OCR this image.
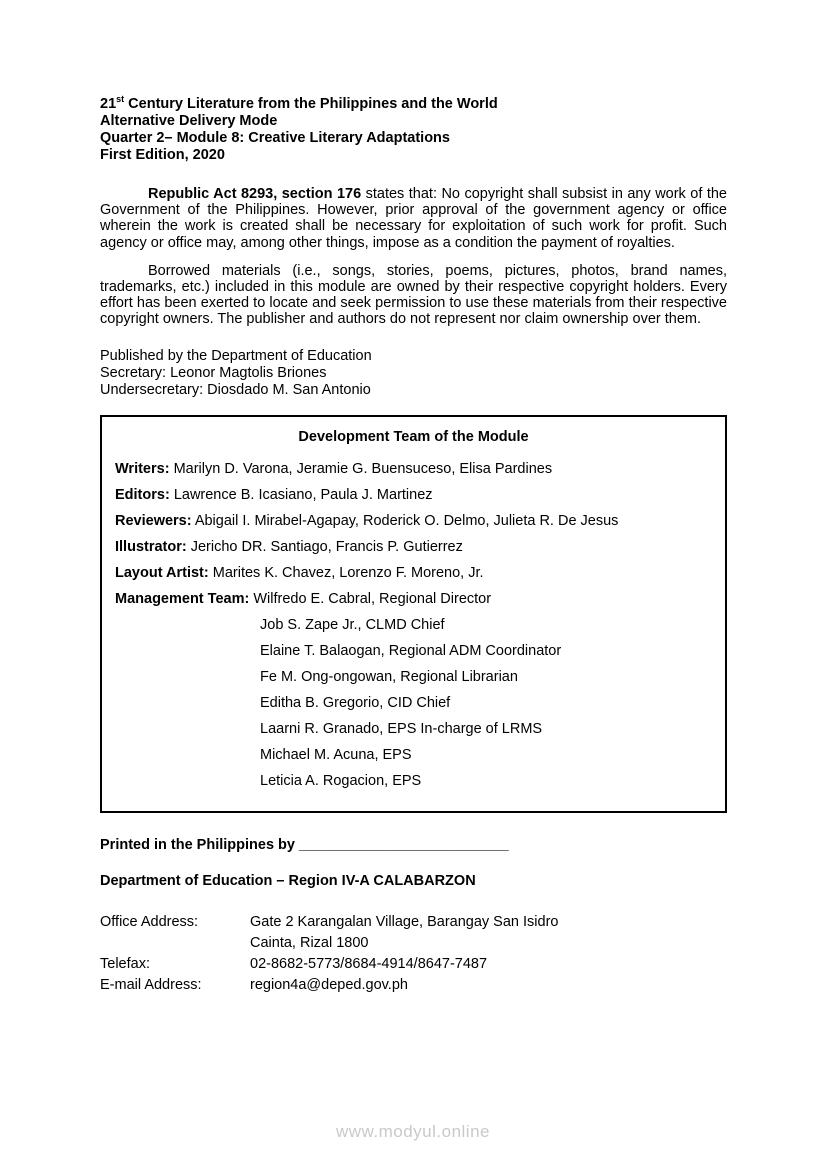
21st Century Literature from the Philippines and the World
Alternative Delivery Mode
Quarter 2– Module 8: Creative Literary Adaptations
First Edition, 2020

Republic Act 8293, section 176 states that: No copyright shall subsist in any work of the Government of the Philippines. However, prior approval of the government agency or office wherein the work is created shall be necessary for exploitation of such work for profit. Such agency or office may, among other things, impose as a condition the payment of royalties.

Borrowed materials (i.e., songs, stories, poems, pictures, photos, brand names, trademarks, etc.) included in this module are owned by their respective copyright holders. Every effort has been exerted to locate and seek permission to use these materials from their respective copyright owners. The publisher and authors do not represent nor claim ownership over them.

Published by the Department of Education
Secretary: Leonor Magtolis Briones
Undersecretary: Diosdado M. San Antonio
Development Team of the Module
Writers: Marilyn D. Varona, Jeramie G. Buensuceso, Elisa Pardines
Editors: Lawrence B. Icasiano, Paula J. Martinez
Reviewers: Abigail I. Mirabel-Agapay, Roderick O. Delmo, Julieta R. De Jesus
Illustrator: Jericho DR. Santiago, Francis P. Gutierrez
Layout Artist: Marites K. Chavez, Lorenzo F. Moreno, Jr.
Management Team: Wilfredo E. Cabral, Regional Director
Job S. Zape Jr., CLMD Chief
Elaine T. Balaogan, Regional ADM Coordinator
Fe M. Ong-ongowan, Regional Librarian
Editha B. Gregorio, CID Chief
Laarni R. Granado, EPS In-charge of LRMS
Michael M. Acuna, EPS
Leticia A. Rogacion, EPS
Printed in the Philippines by __________________________
Department of Education – Region IV-A CALABARZON
Office Address:	Gate 2 Karangalan Village, Barangay San Isidro
Cainta, Rizal 1800
Telefax:	02-8682-5773/8684-4914/8647-7487
E-mail Address:	region4a@deped.gov.ph
www.modyul.online
